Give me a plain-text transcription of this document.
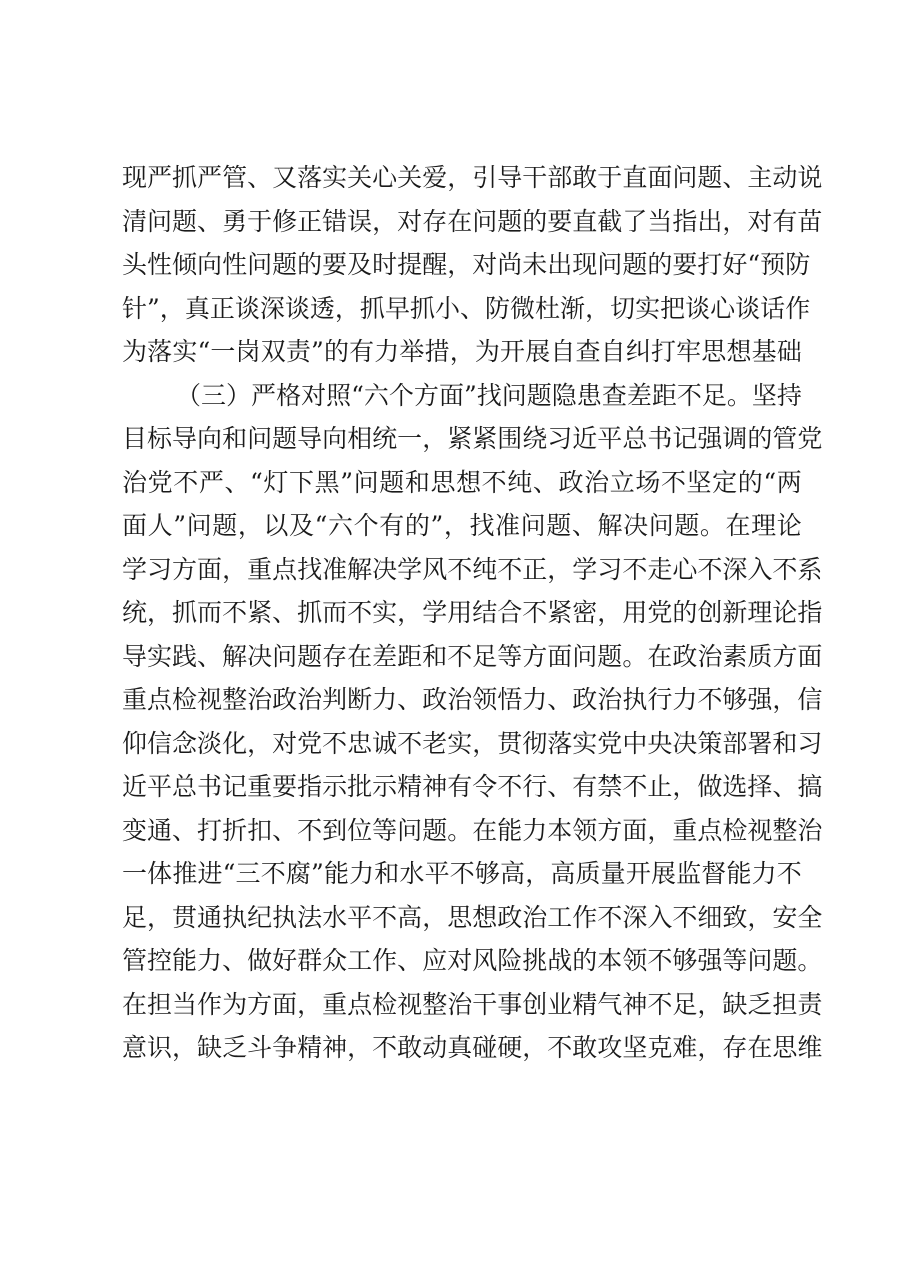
现 严 抓 严 管 、 又 落 实 关 心 关 爱 ， 引 导 干 部 敢 于 直 面 问 题 、 主 动 说
清 问 题 、 勇 于 修 正 错 误 ， 对 存 在 问 题 的 要 直 截 了 当 指 出 ， 对 有 苗
头 性 倾 向 性 问 题 的 要 及 时 提 醒 ， 对 尚 未 出 现 问 题 的 要 打 好 “ 预 防
针 ” ， 真 正 谈 深 谈 透 ， 抓 早 抓 小 、 防 微 杜 渐 ， 切 实 把 谈 心 谈 话 作
为 落 实 “ 一 岗 双 责 ” 的 有 力 举 措 ， 为 开 展 自 查 自 纠 打 牢 思 想 基 础
（ 三 ） 严 格 对 照 “ 六 个 方 面 ” 找 问 题 隐 患 查 差 距 不 足 。 坚 持
目 标 导 向 和 问 题 导 向 相 统 一 ， 紧 紧 围 绕 习 近 平 总 书 记 强 调 的 管 党
治 党 不 严 、 “ 灯 下 黑 ” 问 题 和 思 想 不 纯 、 政 治 立 场 不 坚 定 的 “ 两
面 人 ” 问 题 ， 以 及 “ 六 个 有 的 ” ， 找 准 问 题 、 解 决 问 题 。 在 理 论
学 习 方 面 ， 重 点 找 准 解 决 学 风 不 纯 不 正 ， 学 习 不 走 心 不 深 入 不 系
统 ， 抓 而 不 紧 、 抓 而 不 实 ， 学 用 结 合 不 紧 密 ， 用 党 的 创 新 理 论 指
导 实 践 、 解 决 问 题 存 在 差 距 和 不 足 等 方 面 问 题 。 在 政 治 素 质 方 面
重 点 检 视 整 治 政 治 判 断 力 、 政 治 领 悟 力 、 政 治 执 行 力 不 够 强 ， 信
仰 信 念 淡 化 ， 对 党 不 忠 诚 不 老 实 ， 贯 彻 落 实 党 中 央 决 策 部 署 和 习
近 平 总 书 记 重 要 指 示 批 示 精 神 有 令 不 行 、 有 禁 不 止 ， 做 选 择 、 搞
变 通 、 打 折 扣 、 不 到 位 等 问 题 。 在 能 力 本 领 方 面 ， 重 点 检 视 整 治
一 体 推 进 “ 三 不 腐 ” 能 力 和 水 平 不 够 高 ， 高 质 量 开 展 监 督 能 力 不
足 ， 贯 通 执 纪 执 法 水 平 不 高 ， 思 想 政 治 工 作 不 深 入 不 细 致 ， 安 全
管 控 能 力 、 做 好 群 众 工 作 、 应 对 风 险 挑 战 的 本 领 不 够 强 等 问 题 。
在 担 当 作 为 方 面 ， 重 点 检 视 整 治 干 事 创 业 精 气 神 不 足 ， 缺 乏 担 责
意 识 ， 缺 乏 斗 争 精 神 ， 不 敢 动 真 碰 硬 ， 不 敢 攻 坚 克 难 ， 存 在 思 维
